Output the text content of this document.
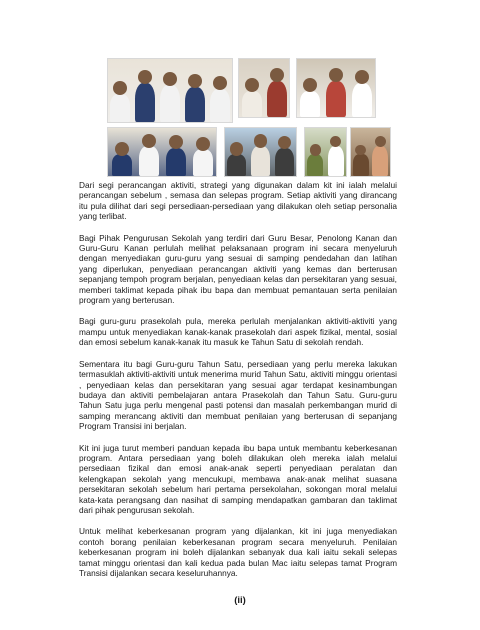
Dari segi perancangan aktiviti, strategi yang digunakan dalam kit ini ialah melalui perancangan sebelum , semasa dan selepas program. Setiap aktiviti yang dirancang itu pula dilihat dari segi persediaan-persediaan yang dilakukan oleh setiap personalia yang terlibat.

Bagi Pihak Pengurusan Sekolah yang terdiri dari Guru Besar, Penolong Kanan dan Guru-Guru Kanan perlulah melihat pelaksanaan program ini secara menyeluruh dengan menyediakan guru-guru yang sesuai di samping pendedahan dan latihan yang diperlukan, penyediaan perancangan aktiviti yang kemas dan berterusan sepanjang tempoh program berjalan, penyediaan kelas dan persekitaran yang sesuai, memberi taklimat kepada pihak ibu bapa dan membuat pemantauan serta penilaian program yang berterusan.

Bagi guru-guru prasekolah pula, mereka perlulah menjalankan aktiviti-aktiviti yang mampu untuk menyediakan kanak-kanak prasekolah dari aspek fizikal, mental, sosial dan emosi sebelum kanak-kanak itu masuk ke Tahun Satu di sekolah rendah.

Sementara itu bagi Guru-guru Tahun Satu, persediaan yang perlu mereka lakukan termasuklah aktiviti-aktiviti untuk menerima murid Tahun Satu, aktiviti minggu orientasi , penyediaan kelas dan persekitaran yang sesuai agar terdapat kesinambungan budaya dan aktiviti pembelajaran antara Prasekolah dan Tahun Satu. Guru-guru Tahun Satu juga perlu mengenal pasti potensi dan masalah perkembangan murid di samping merancang aktiviti dan membuat penilaian yang berterusan di sepanjang Program Transisi ini berjalan.

Kit ini juga turut memberi panduan kepada ibu bapa untuk membantu keberkesanan program. Antara persediaan yang boleh dilakukan oleh mereka ialah melalui persediaan fizikal dan emosi anak-anak seperti penyediaan peralatan dan kelengkapan sekolah yang mencukupi, membawa anak-anak melihat suasana persekitaran sekolah sebelum hari pertama persekolahan, sokongan moral melalui kata-kata perangsang dan nasihat di samping mendapatkan gambaran dan taklimat dari pihak pengurusan sekolah.

Untuk melihat keberkesanan program yang dijalankan, kit ini juga menyediakan contoh borang penilaian keberkesanan program secara menyeluruh. Penilaian keberkesanan program ini boleh dijalankan sebanyak dua kali iaitu sekali selepas tamat minggu orientasi dan kali kedua pada bulan Mac iaitu selepas tamat Program Transisi dijalankan secara keseluruhannya.

(ii)
